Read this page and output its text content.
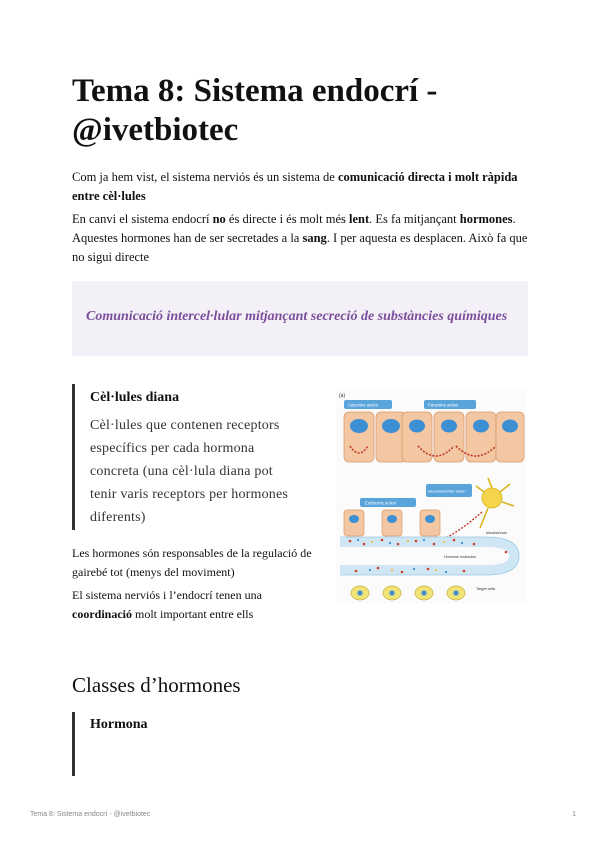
Tema 8: Sistema endocrí - @ivetbiotec

Com ja hem vist, el sistema nerviós és un sistema de comunicació directa i molt ràpida entre cèl·lules

En canvi el sistema endocrí no és directe i és molt més lent. Es fa mitjançant hormones. Aquestes hormones han de ser secretades a la sang. I per aquesta es desplacen. Això fa que no sigui directe

Comunicació intercel·lular mitjançant secreció de substàncies químiques

Cèl·lules diana

Cèl·lules que contenen receptors específics per cada hormona concreta (una cèl·lula diana pot tenir varis receptors per hormones diferents)

Les hormones són responsables de la regulació de gairebé tot (menys del moviment)

El sistema nerviós i l’endocrí tenen una coordinació molt important entre ells

(a)
Autocrine action	Paracrine action
Neurotransmitter action
Endocrine action
bloodstream
Hormone molecules
Target cells
Classes d’hormones
Hormona
Tema 8: Sistema endocrí - @ivetbiotec	1
